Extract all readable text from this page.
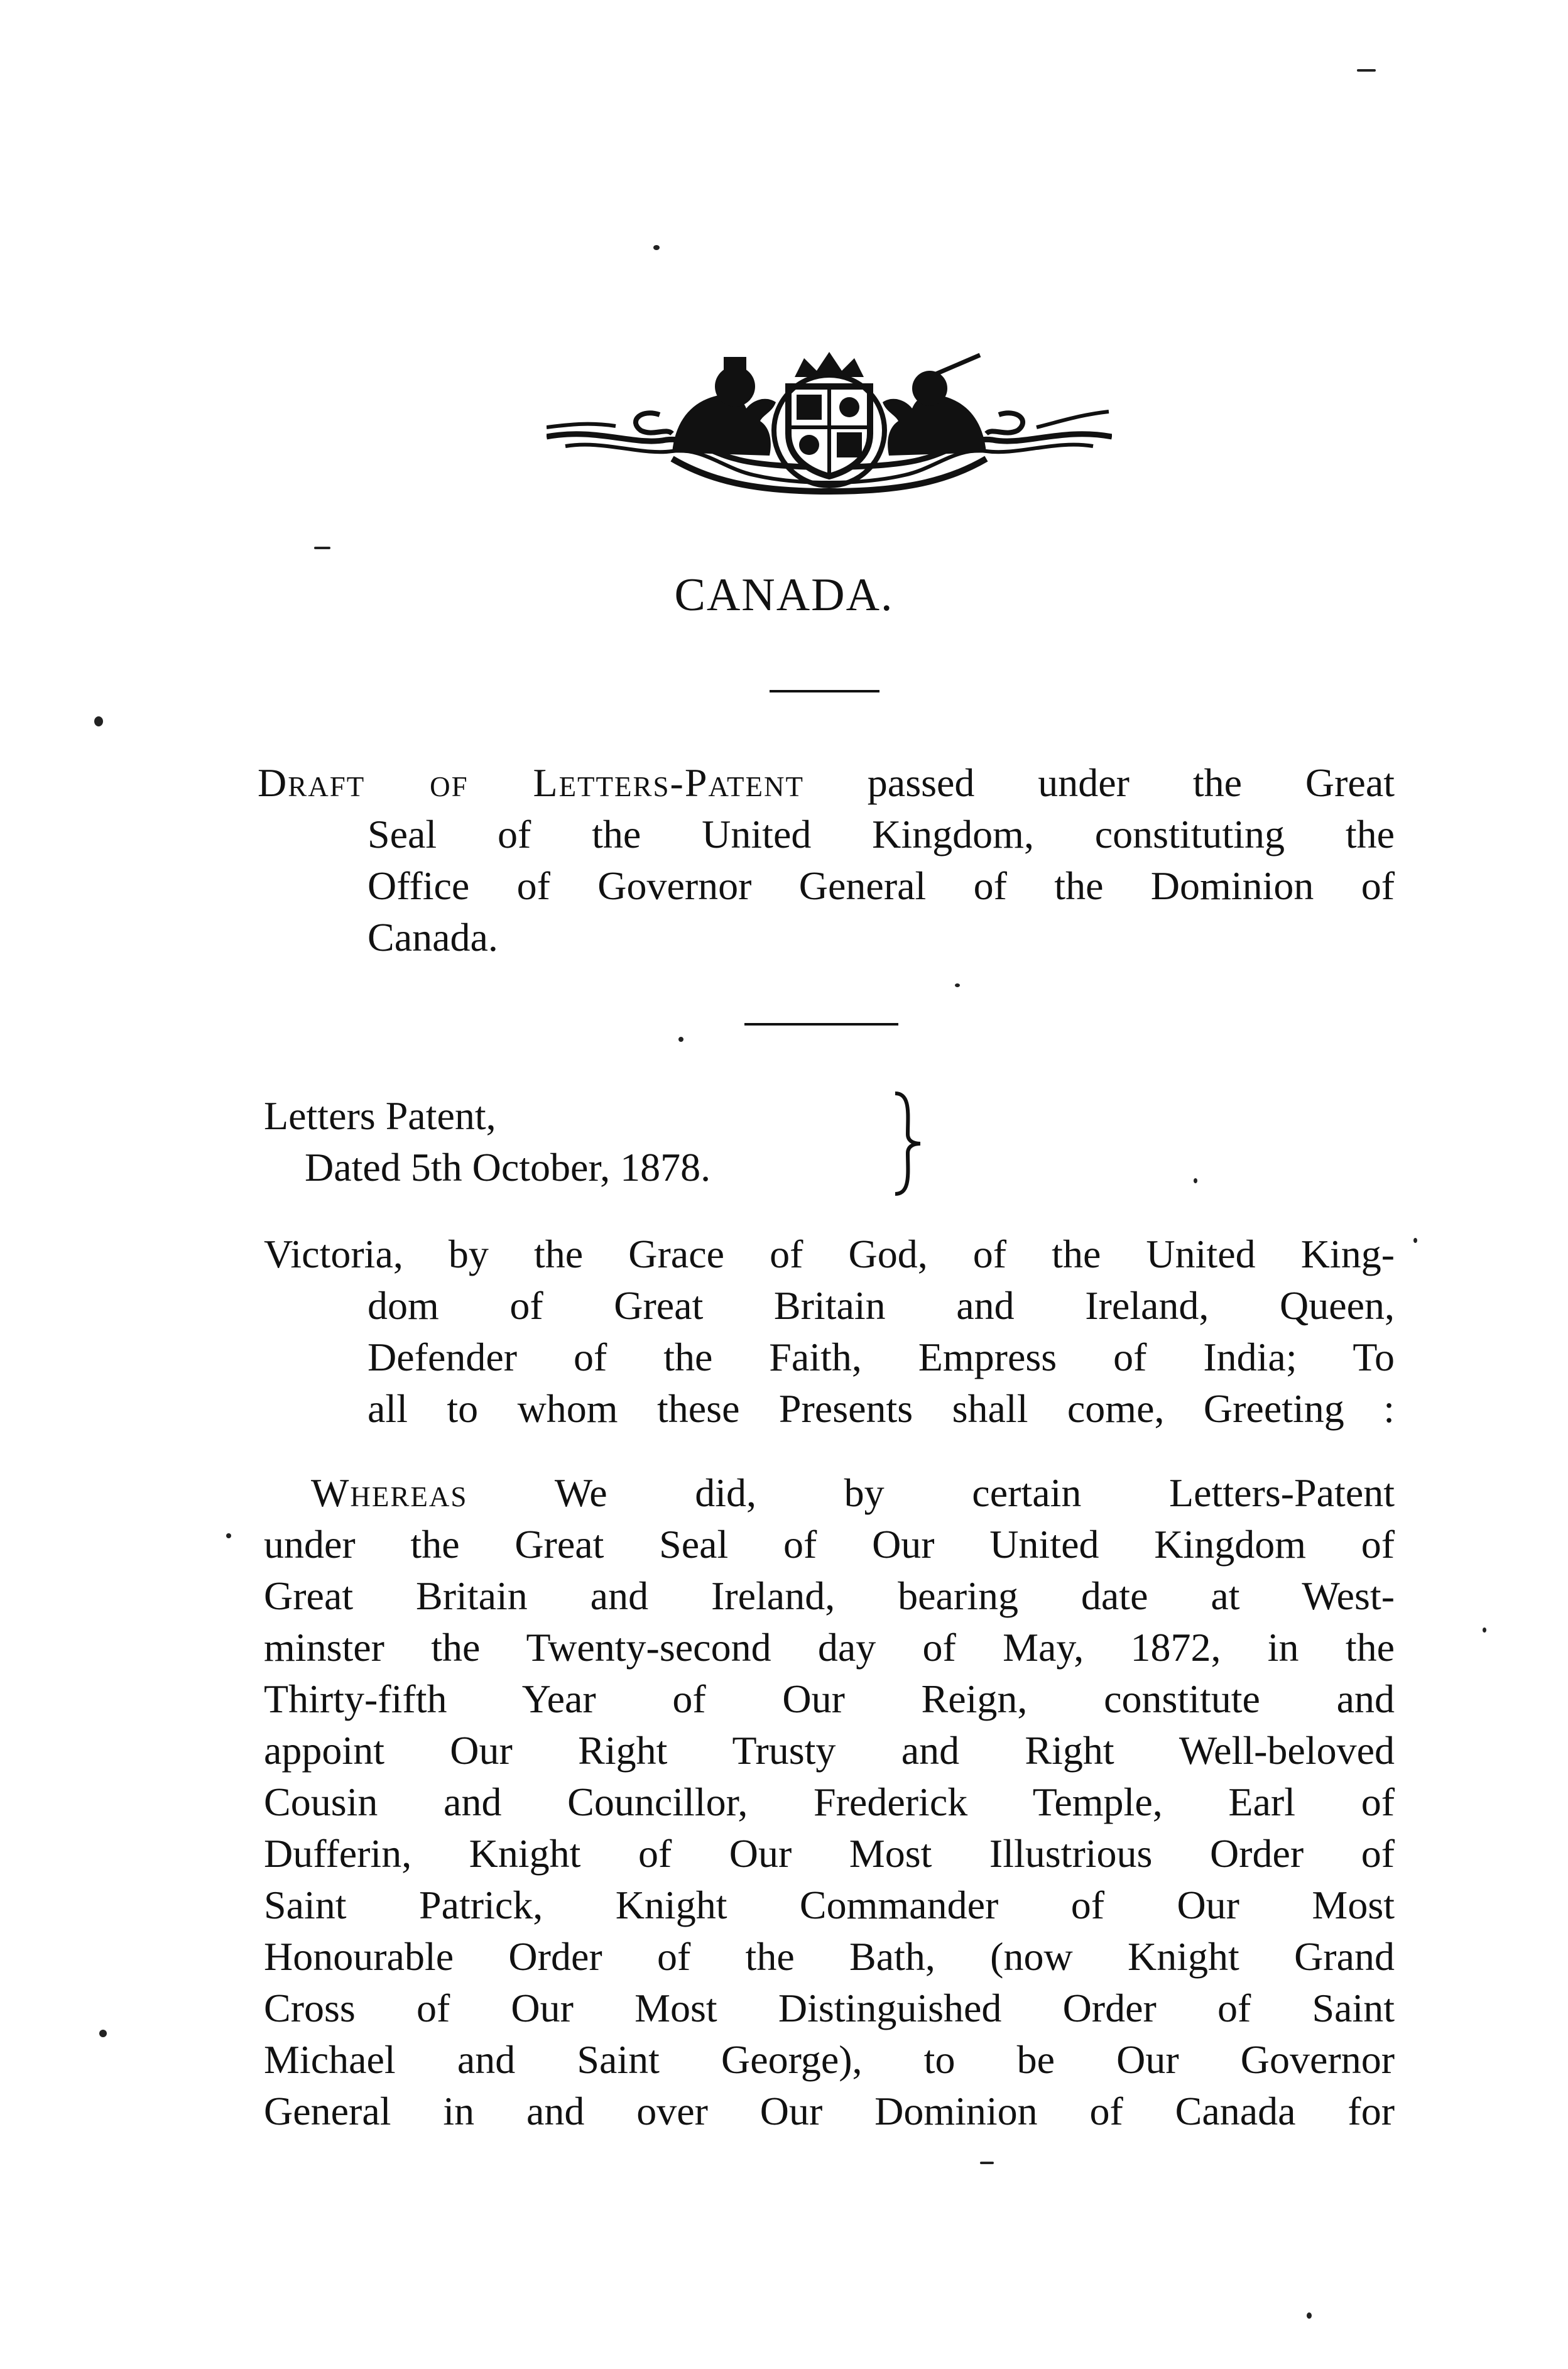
CANADA.
Draft of Letters-Patent passed under the Great
Seal of the United Kingdom, constituting the
Office of Governor General of the Dominion of
Canada.
Letters Patent,
Dated 5th October, 1878.
Victoria, by the Grace of God, of the United King-
dom of Great Britain and Ireland, Queen,
Defender of the Faith, Empress of India; To
all to whom these Presents shall come, Greeting :
Whereas We did, by certain Letters-Patent
under the Great Seal of Our United Kingdom of
Great Britain and Ireland, bearing date at West-
minster the Twenty-second day of May, 1872, in the
Thirty-fifth Year of Our Reign, constitute and
appoint Our Right Trusty and Right Well-beloved
Cousin and Councillor, Frederick Temple, Earl of
Dufferin, Knight of Our Most Illustrious Order of
Saint Patrick, Knight Commander of Our Most
Honourable Order of the Bath, (now Knight Grand
Cross of Our Most Distinguished Order of Saint
Michael and Saint George), to be Our Governor
General in and over Our Dominion of Canada for
